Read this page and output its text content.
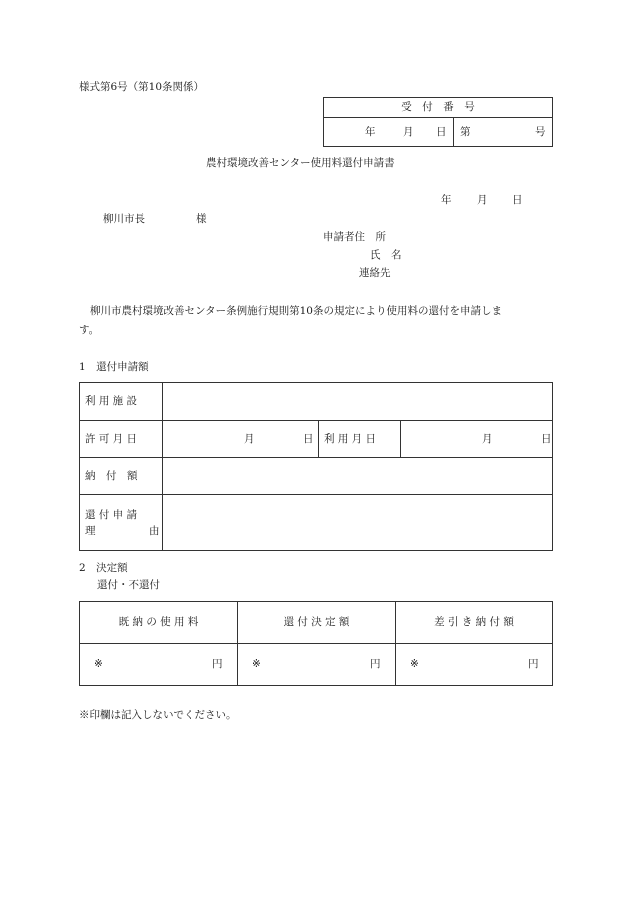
様式第6号（第10条関係）
受　付　番　号

年	月 日	第	号
農村環境改善センター使用料還付申請書
年 月 日
柳川市長	様
申請者住　所
氏　名
連絡先
柳川市農村環境改善センター条例施行規則第10条の規定により使用料の還付を申請しま
す。
1　還付申請額
利 用 施 設			

許 可 月 日	月 日	利 用 月 日	月 日

納　付　額			

還 付 申 請
理 由			

2　決定額
還付・不還付
既 納 の 使 用 料	還 付 決 定 額	差 引 き 納 付 額

※ 円	※ 円	※ 円
※印欄は記入しないでください。
